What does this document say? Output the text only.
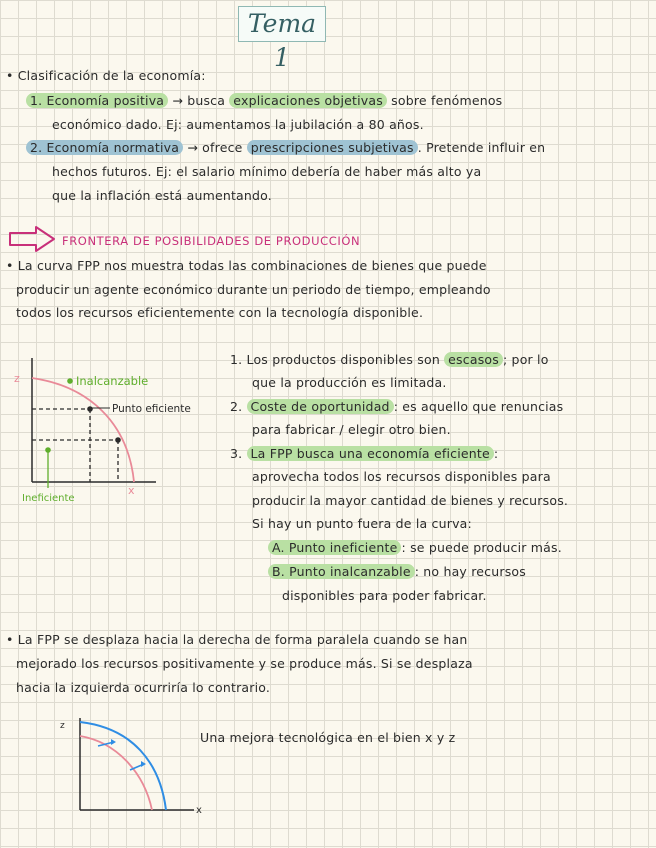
Tema 1
• Clasificación de la economía:
1. Economía positiva → busca explicaciones objetivas sobre fenómenos
económico dado. Ej: aumentamos la jubilación a 80 años.
2. Economía normativa → ofrece prescripciones subjetivas . Pretende influir en
hechos futuros. Ej: el salario mínimo debería de haber más alto ya
que la inflación está aumentando.
FRONTERA DE POSIBILIDADES DE PRODUCCIÓN
• La curva FPP nos muestra todas las combinaciones de bienes que puede
producir un agente económico durante un periodo de tiempo, empleando
todos los recursos eficientemente con la tecnología disponible.
z
x
Inalcanzable
Punto eficiente
Ineficiente
1. Los productos disponibles son escasos ; por lo
que la producción es limitada.
2. Coste de oportunidad : es aquello que renuncias
para fabricar / elegir otro bien.
3. La FPP busca una economía eficiente :
aprovecha todos los recursos disponibles para
producir la mayor cantidad de bienes y recursos.
Si hay un punto fuera de la curva:
A. Punto ineficiente : se puede producir más.
B. Punto inalcanzable : no hay recursos
disponibles para poder fabricar.
• La FPP se desplaza hacia la derecha de forma paralela cuando se han
mejorado los recursos positivamente y se produce más. Si se desplaza
hacia la izquierda ocurriría lo contrario.
z
x
Una mejora tecnológica en el bien x y z
